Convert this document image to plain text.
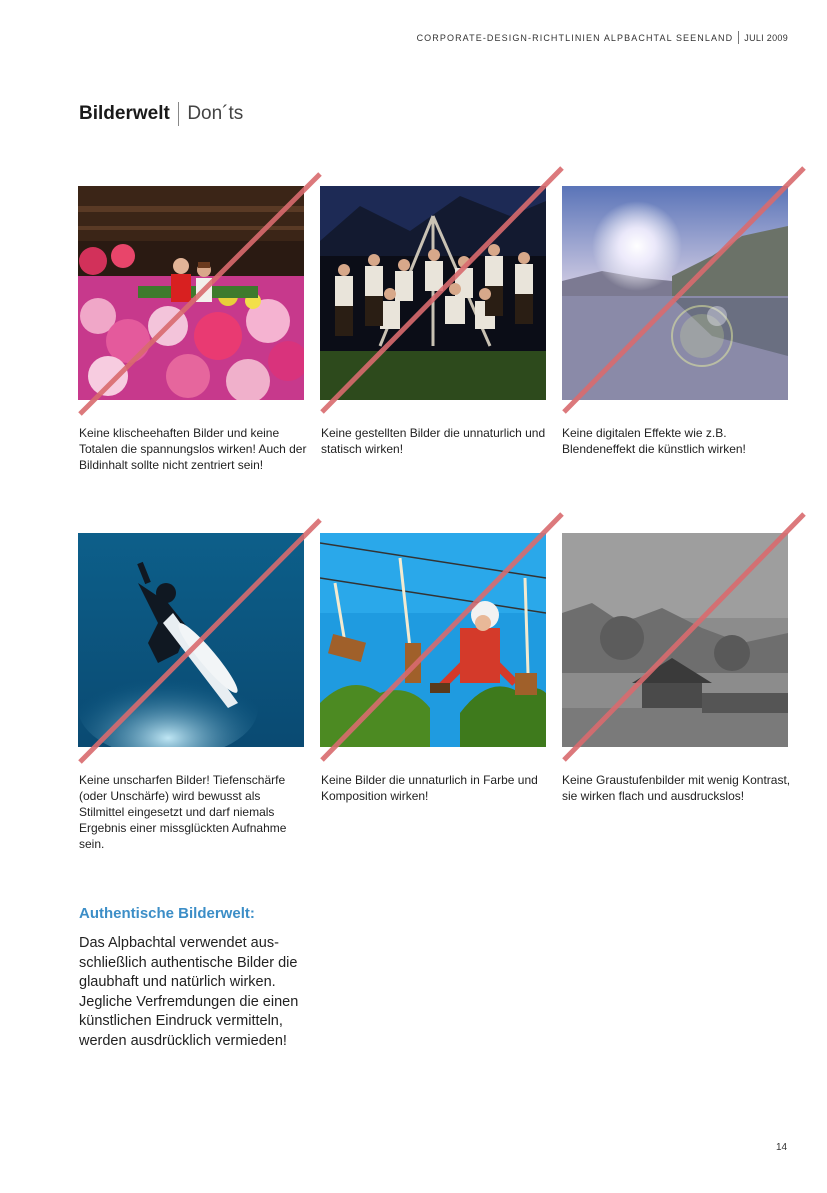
CORPORATE-DESIGN-RICHTLINIEN ALPBACHTAL SEENLAND JULI 2009
Bilderwelt Don´ts
Keine klischeehaften Bilder und keine Totalen die spannungslos wirken! Auch der Bildinhalt sollte nicht zentriert sein!
Keine gestellten Bilder die unnaturlich und statisch wirken!
Keine digitalen Effekte wie z.B. Blendeneffekt die künstlich wirken!
Keine unscharfen Bilder! Tiefenschärfe (oder Unschärfe) wird bewusst als Stilmittel eingesetzt und darf niemals Ergebnis einer missglückten Aufnahme sein.
Keine Bilder die unnaturlich in Farbe und Komposition wirken!
Keine Graustufenbilder mit wenig Kontrast, sie wirken flach und ausdruckslos!
Authentische Bilderwelt:
Das Alpbachtal verwendet aus-schließlich authentische Bilder die glaubhaft und natürlich wirken. Jegliche Verfremdungen die einen künstlichen Eindruck vermitteln, werden ausdrücklich vermieden!
14
